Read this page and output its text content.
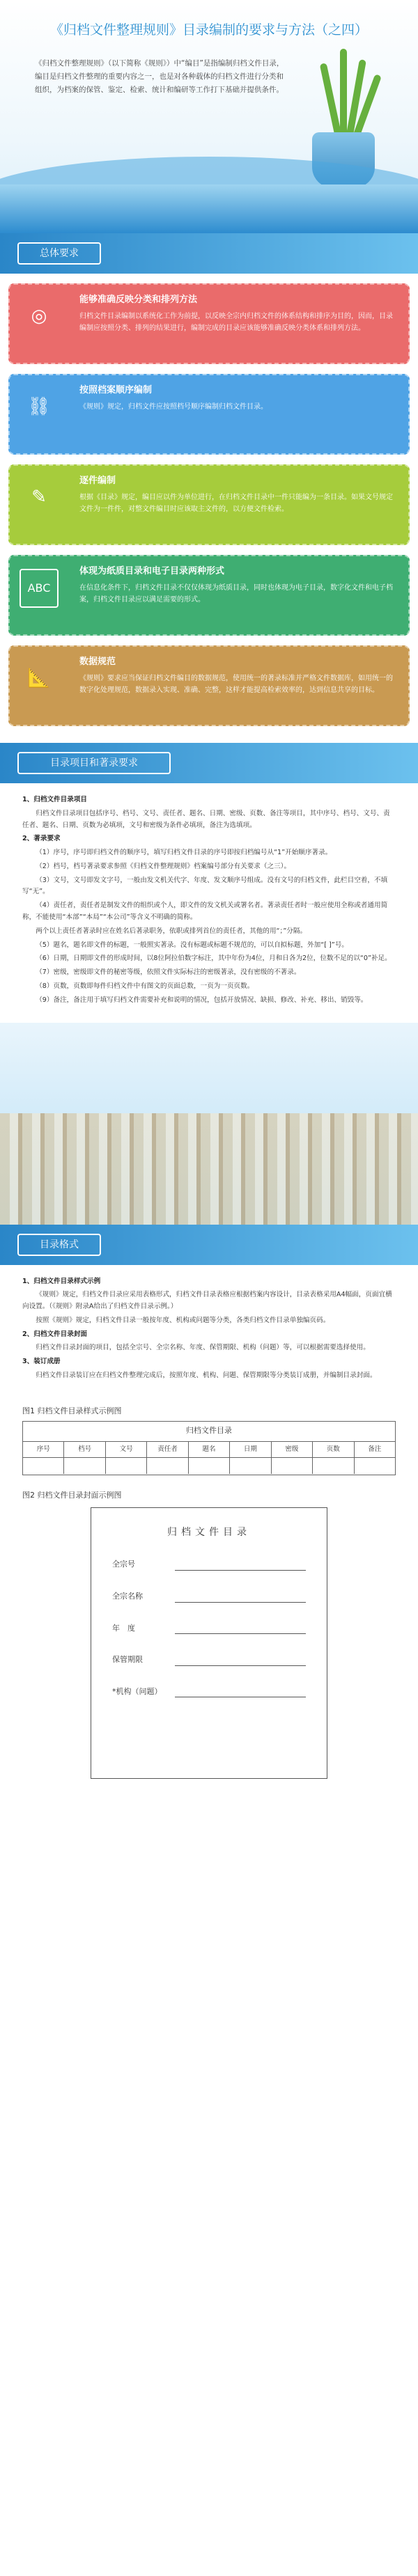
《归档文件整理规则》目录编制的要求与方法（之四）
《归档文件整理规则》（以下简称《规则》）中“编目”是指编制归档文件目录，编目是归档文件整理的重要内容之一，也是对各种载体的归档文件进行分类和组织，为档案的保管、鉴定、检索、统计和编研等工作打下基础并提供条件。
总体要求
◎
能够准确反映分类和排列方法
归档文件目录编制以系统化工作为前提，以反映全宗内归档文件的体系结构和排序为目的，因而，目录编制应按照分类、排列的结果进行，编制完成的目录应该能够准确反映分类体系和排列方法。
⛓
按照档案顺序编制
《规则》规定，归档文件应按照档号顺序编制归档文件目录。
✎
逐件编制
根据《目录》规定，编目应以件为单位进行，在归档文件目录中一件只能编为一条目录。如果文号规定文件为一件件，对整文件编目时应该取主文件的，以方便文件检索。
ABC
体现为纸质目录和电子目录两种形式
在信息化条件下，归档文件目录不仅仅体现为纸质目录，同时也体现为电子目录，数字化文件和电子档案，归档文件目录应以满足需要的形式。
📐
数据规范
《规则》要求应当保证归档文件编目的数据规范，使用统一的著录标准并严格文件数据库，如用统一的数字化处理规范，数据录入实现、准确、完整，这样才能提高检索效率的，达到信息共享的目标。
目录项目和著录要求

1、归档文件目录项目

归档文件目录项目包括序号、档号、文号、责任者、题名、日期、密级、页数、备注等项目，其中序号、档号、文号、责任者、题名、日期、页数为必填项，文号和密级为条件必填项，备注为选填项。

2、著录要求

（1）序号，序号即归档文件的顺序号，填写归档文件目录的序号即按归档编号从“1”开始顺序著录。

（2）档号，档号著录要求参照《归档文件整理规则》档案编号部分有关要求（之三）。

（3）文号，文号即发文字号，一般由发文机关代字、年度、发文顺序号组成。没有文号的归档文件，此栏目空着，不填写“无”。

（4）责任者，责任者是制发文件的组织或个人，即文件的发文机关或署名者。著录责任者时一般应使用全称或者通用简称，不能使用“本部”“本局”“本公司”等含义不明确的简称。

两个以上责任者著录时应在姓名后著录职务，依职或排列首位的责任者，其他的用“；”分隔。

（5）题名，题名即文件的标题，一般照实著录。没有标题或标题不规范的，可以自拟标题，外加“[ ]”号。

（6）日期，日期即文件的形成时间，以8位阿拉伯数字标注，其中年份为4位，月和日各为2位，位数不足的以“0”补足。

（7）密级，密级即文件的秘密等级，依照文件实际标注的密级著录，没有密级的不著录。

（8）页数，页数即每件归档文件中有图文的页面总数，一页为一页页数。

（9）备注，备注用于填写归档文件需要补充和说明的情况，包括开放情况、缺损、修改、补充、移出、销毁等。

目录格式

1、归档文件目录样式示例

《规则》规定，归档文件目录应采用表格形式，归档文件目录表格应根据档案内容设计，目录表格采用A4幅面，页面宜横向设置。（《规则》附录A给出了归档文件目录示例。）

按照《规则》规定，归档文件目录一般按年度、机构或问题等分类，各类归档文件目录单独编页码。

2、归档文件目录封面

归档文件目录封面的项目，包括全宗号、全宗名称、年度、保管期限、机构（问题）等，可以根据需要选择使用。

3、装订成册

归档文件目录装订应在归档文件整理完成后，按照年度、机构、问题、保管期限等分类装订成册，并编制目录封面。

图1 归档文件目录样式示例图
归档文件目录
序号	档号	文号	责任者	题名	日期	密级	页数	备注
图2 归档文件目录封面示例图
归档文件目录
全宗号
全宗名称
年　度
保管期限
*机构（问题）
